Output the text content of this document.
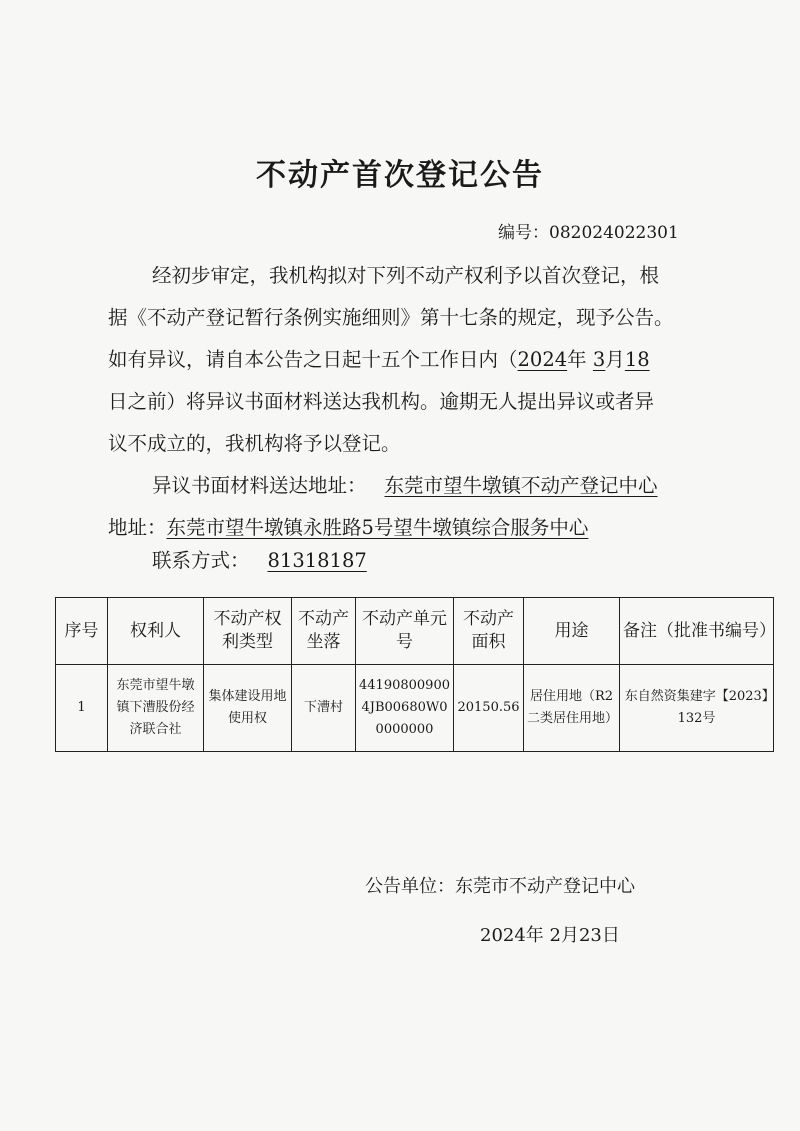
不动产首次登记公告
编号：082024022301
经初步审定，我机构拟对下列不动产权利予以首次登记，根
据《不动产登记暂行条例实施细则》第十七条的规定，现予公告。
如有异议，请自本公告之日起十五个工作日内（2024年 3月18
日之前）将异议书面材料送达我机构。逾期无人提出异议或者异
议不成立的，我机构将予以登记。
异议书面材料送达地址： 东莞市望牛墩镇不动产登记中心
地址：东莞市望牛墩镇永胜路5号望牛墩镇综合服务中心
联系方式： 81318187
序号	权利人	不动产权利类型	不动产坐落	不动产单元号	不动产面积	用途	备注（批准书编号）
1	东莞市望牛墩镇下漕股份经济联合社	集体建设用地使用权	下漕村	441908009004JB00680W00000000	20150.56	居住用地（R2二类居住用地）	东自然资集建字【2023】132号
公告单位：东莞市不动产登记中心
2024年 2月23日
